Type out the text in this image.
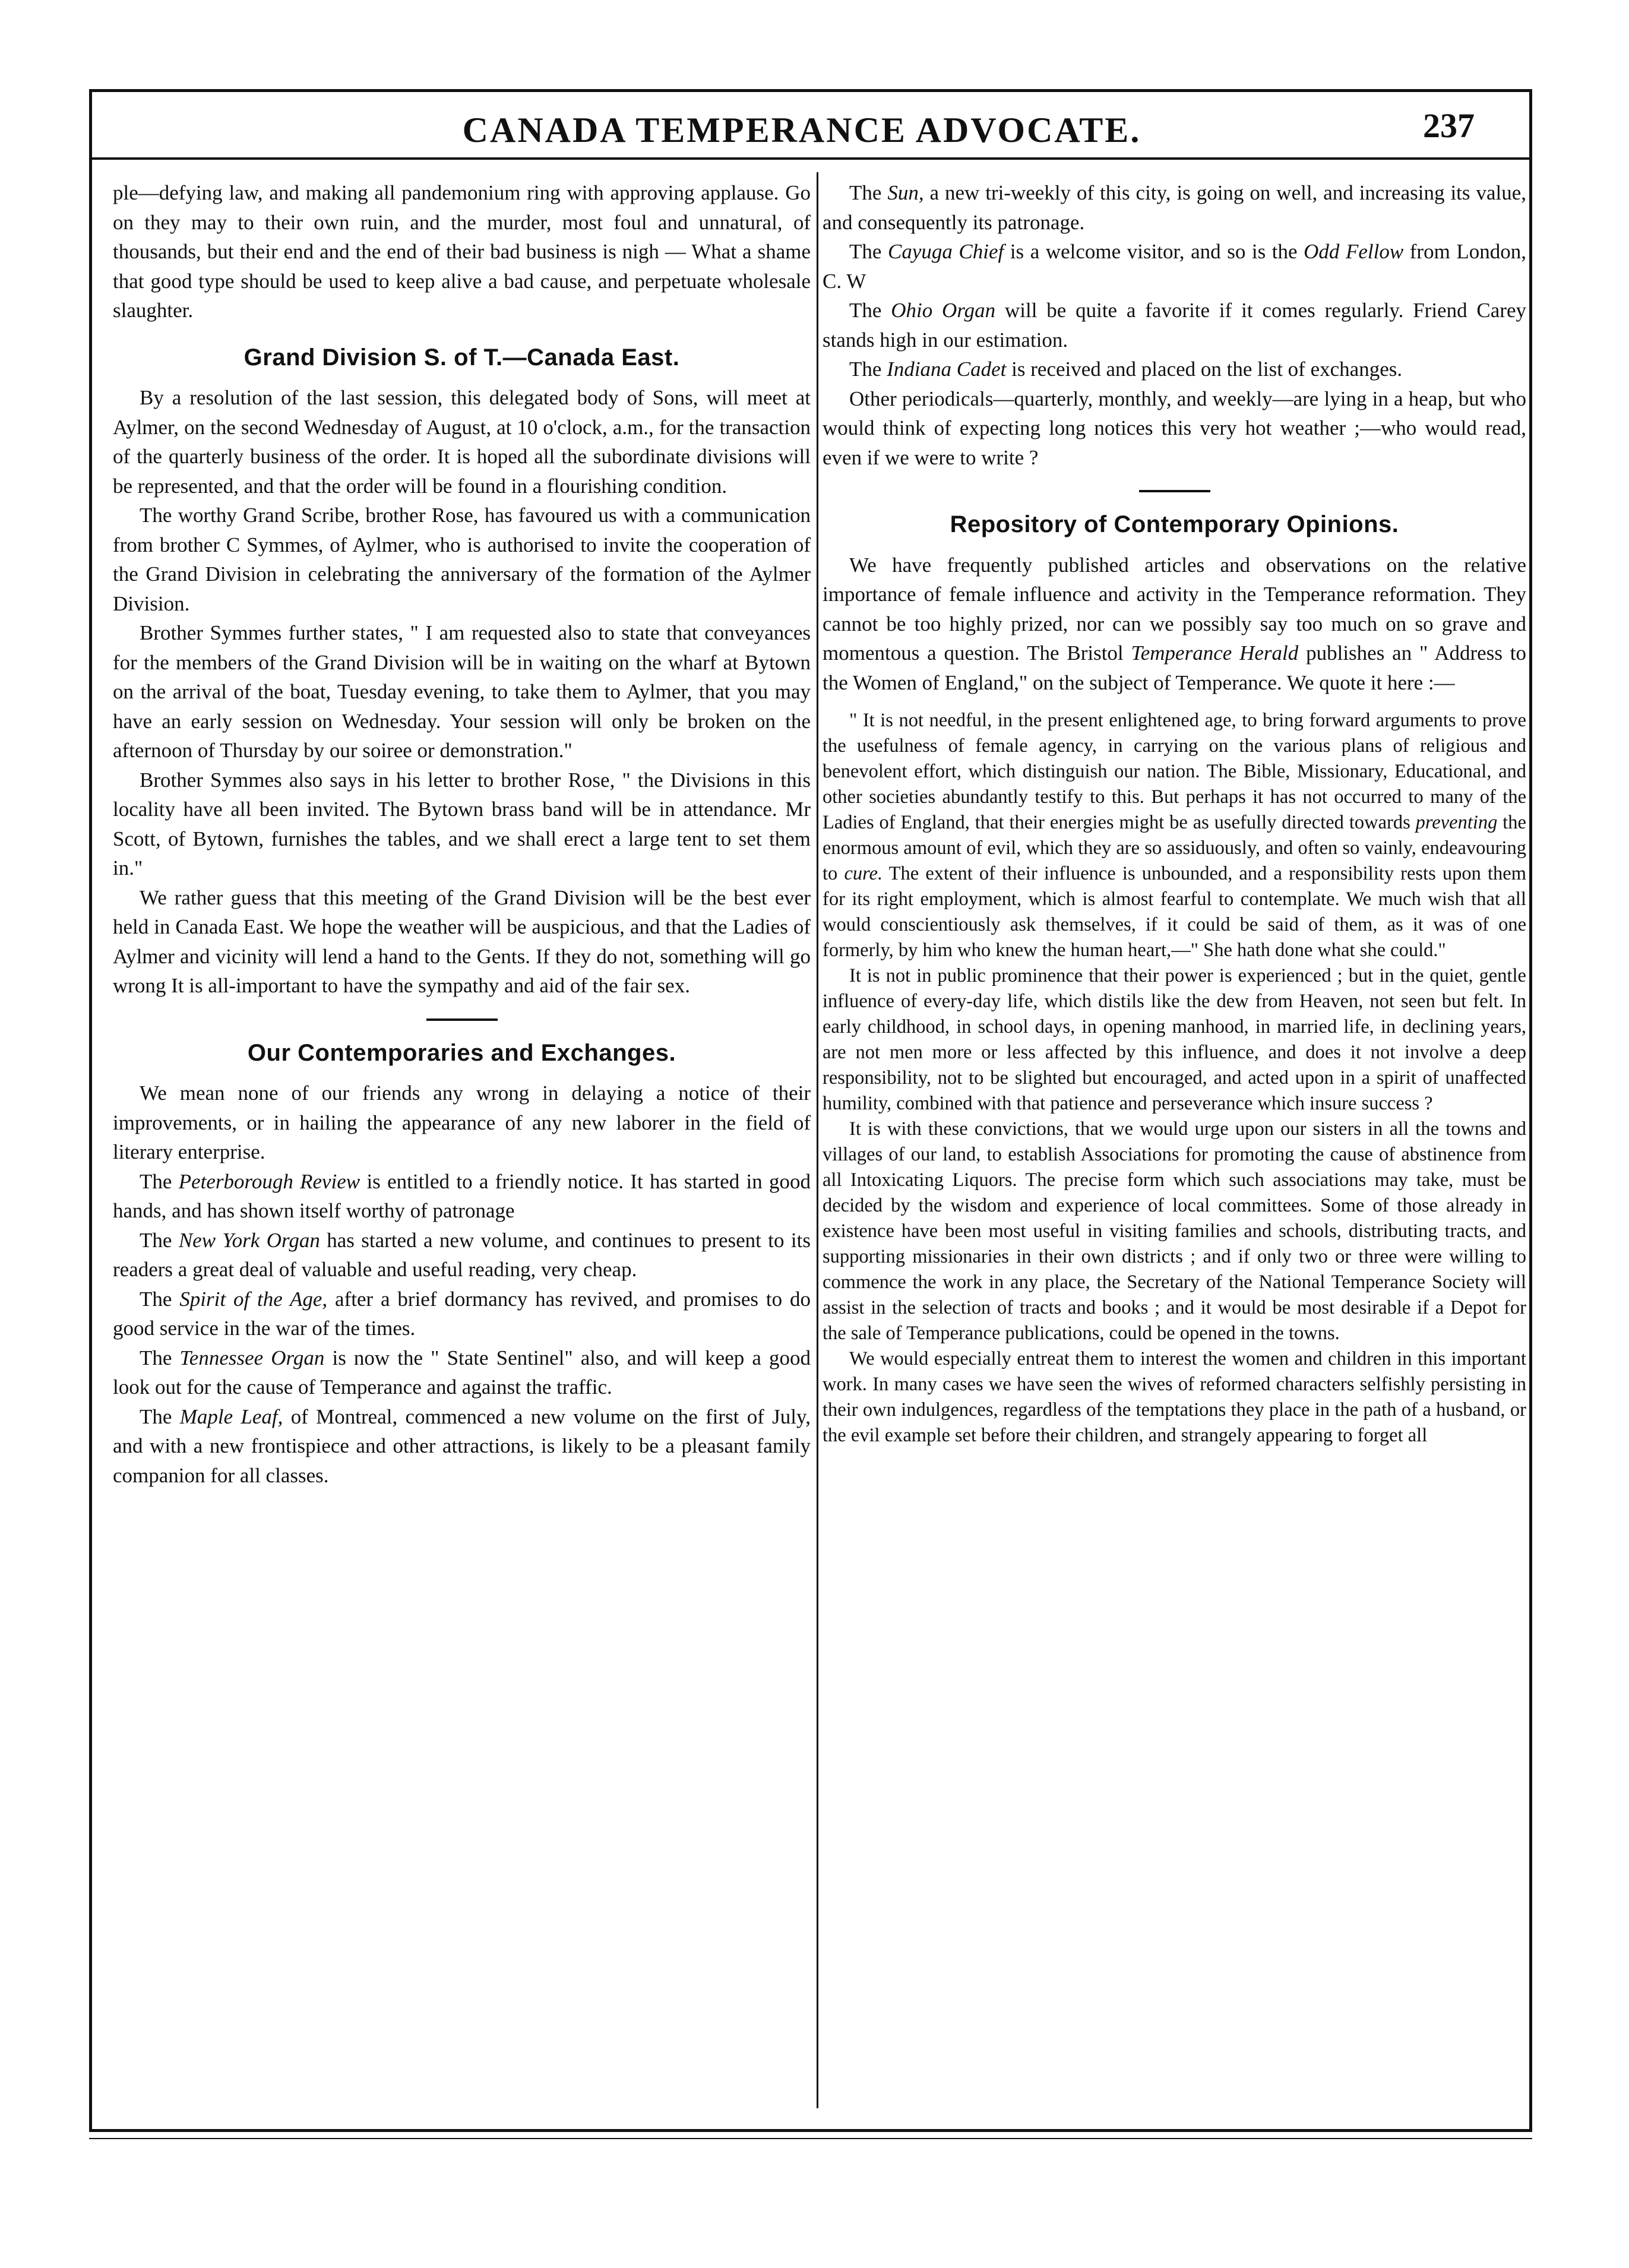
CANADA TEMPERANCE ADVOCATE.	237

ple—defying law, and making all pandemonium ring with approving applause. Go on they may to their own ruin, and the murder, most foul and unnatural, of thousands, but their end and the end of their bad business is nigh — What a shame that good type should be used to keep alive a bad cause, and perpetuate wholesale slaughter.

Grand Division S. of T.—Canada East.

By a resolution of the last session, this delegated body of Sons, will meet at Aylmer, on the second Wednesday of August, at 10 o'clock, a.m., for the transaction of the quarterly business of the order. It is hoped all the subordinate divisions will be represented, and that the order will be found in a flourishing condition.

The worthy Grand Scribe, brother Rose, has favoured us with a communication from brother C Symmes, of Aylmer, who is authorised to invite the cooperation of the Grand Division in celebrating the anniversary of the formation of the Aylmer Division.

Brother Symmes further states, " I am requested also to state that conveyances for the members of the Grand Division will be in waiting on the wharf at Bytown on the arrival of the boat, Tuesday evening, to take them to Aylmer, that you may have an early session on Wednesday. Your session will only be broken on the afternoon of Thursday by our soiree or demonstration."

Brother Symmes also says in his letter to brother Rose, " the Divisions in this locality have all been invited. The Bytown brass band will be in attendance. Mr Scott, of Bytown, furnishes the tables, and we shall erect a large tent to set them in."

We rather guess that this meeting of the Grand Division will be the best ever held in Canada East. We hope the weather will be auspicious, and that the Ladies of Aylmer and vicinity will lend a hand to the Gents. If they do not, something will go wrong It is all-important to have the sympathy and aid of the fair sex.

Our Contemporaries and Exchanges.

We mean none of our friends any wrong in delaying a notice of their improvements, or in hailing the appearance of any new laborer in the field of literary enterprise.

The Peterborough Review is entitled to a friendly notice. It has started in good hands, and has shown itself worthy of patronage

The New York Organ has started a new volume, and continues to present to its readers a great deal of valuable and useful reading, very cheap.

The Spirit of the Age, after a brief dormancy has revived, and promises to do good service in the war of the times.

The Tennessee Organ is now the " State Sentinel" also, and will keep a good look out for the cause of Temperance and against the traffic.

The Maple Leaf, of Montreal, commenced a new volume on the first of July, and with a new frontispiece and other attractions, is likely to be a pleasant family companion for all classes.

The Sun, a new tri-weekly of this city, is going on well, and increasing its value, and consequently its patronage.

The Cayuga Chief is a welcome visitor, and so is the Odd Fellow from London, C. W

The Ohio Organ will be quite a favorite if it comes regularly. Friend Carey stands high in our estimation.

The Indiana Cadet is received and placed on the list of exchanges.

Other periodicals—quarterly, monthly, and weekly—are lying in a heap, but who would think of expecting long notices this very hot weather ;—who would read, even if we were to write ?

Repository of Contemporary Opinions.

We have frequently published articles and observations on the relative importance of female influence and activity in the Temperance reformation. They cannot be too highly prized, nor can we possibly say too much on so grave and momentous a question. The Bristol Temperance Herald publishes an " Address to the Women of England," on the subject of Temperance. We quote it here :—

" It is not needful, in the present enlightened age, to bring forward arguments to prove the usefulness of female agency, in carrying on the various plans of religious and benevolent effort, which distinguish our nation. The Bible, Missionary, Educational, and other societies abundantly testify to this. But perhaps it has not occurred to many of the Ladies of England, that their energies might be as usefully directed towards preventing the enormous amount of evil, which they are so assiduously, and often so vainly, endeavouring to cure. The extent of their influence is unbounded, and a responsibility rests upon them for its right employment, which is almost fearful to contemplate. We much wish that all would conscientiously ask themselves, if it could be said of them, as it was of one formerly, by him who knew the human heart,—" She hath done what she could."

It is not in public prominence that their power is experienced ; but in the quiet, gentle influence of every-day life, which distils like the dew from Heaven, not seen but felt. In early childhood, in school days, in opening manhood, in married life, in declining years, are not men more or less affected by this influence, and does it not involve a deep responsibility, not to be slighted but encouraged, and acted upon in a spirit of unaffected humility, combined with that patience and perseverance which insure success ?

It is with these convictions, that we would urge upon our sisters in all the towns and villages of our land, to establish Associations for promoting the cause of abstinence from all Intoxicating Liquors. The precise form which such associations may take, must be decided by the wisdom and experience of local committees. Some of those already in existence have been most useful in visiting families and schools, distributing tracts, and supporting missionaries in their own districts ; and if only two or three were willing to commence the work in any place, the Secretary of the National Temperance Society will assist in the selection of tracts and books ; and it would be most desirable if a Depot for the sale of Temperance publications, could be opened in the towns.

We would especially entreat them to interest the women and children in this important work. In many cases we have seen the wives of reformed characters selfishly persisting in their own indulgences, regardless of the temptations they place in the path of a husband, or the evil example set before their children, and strangely appearing to forget all
